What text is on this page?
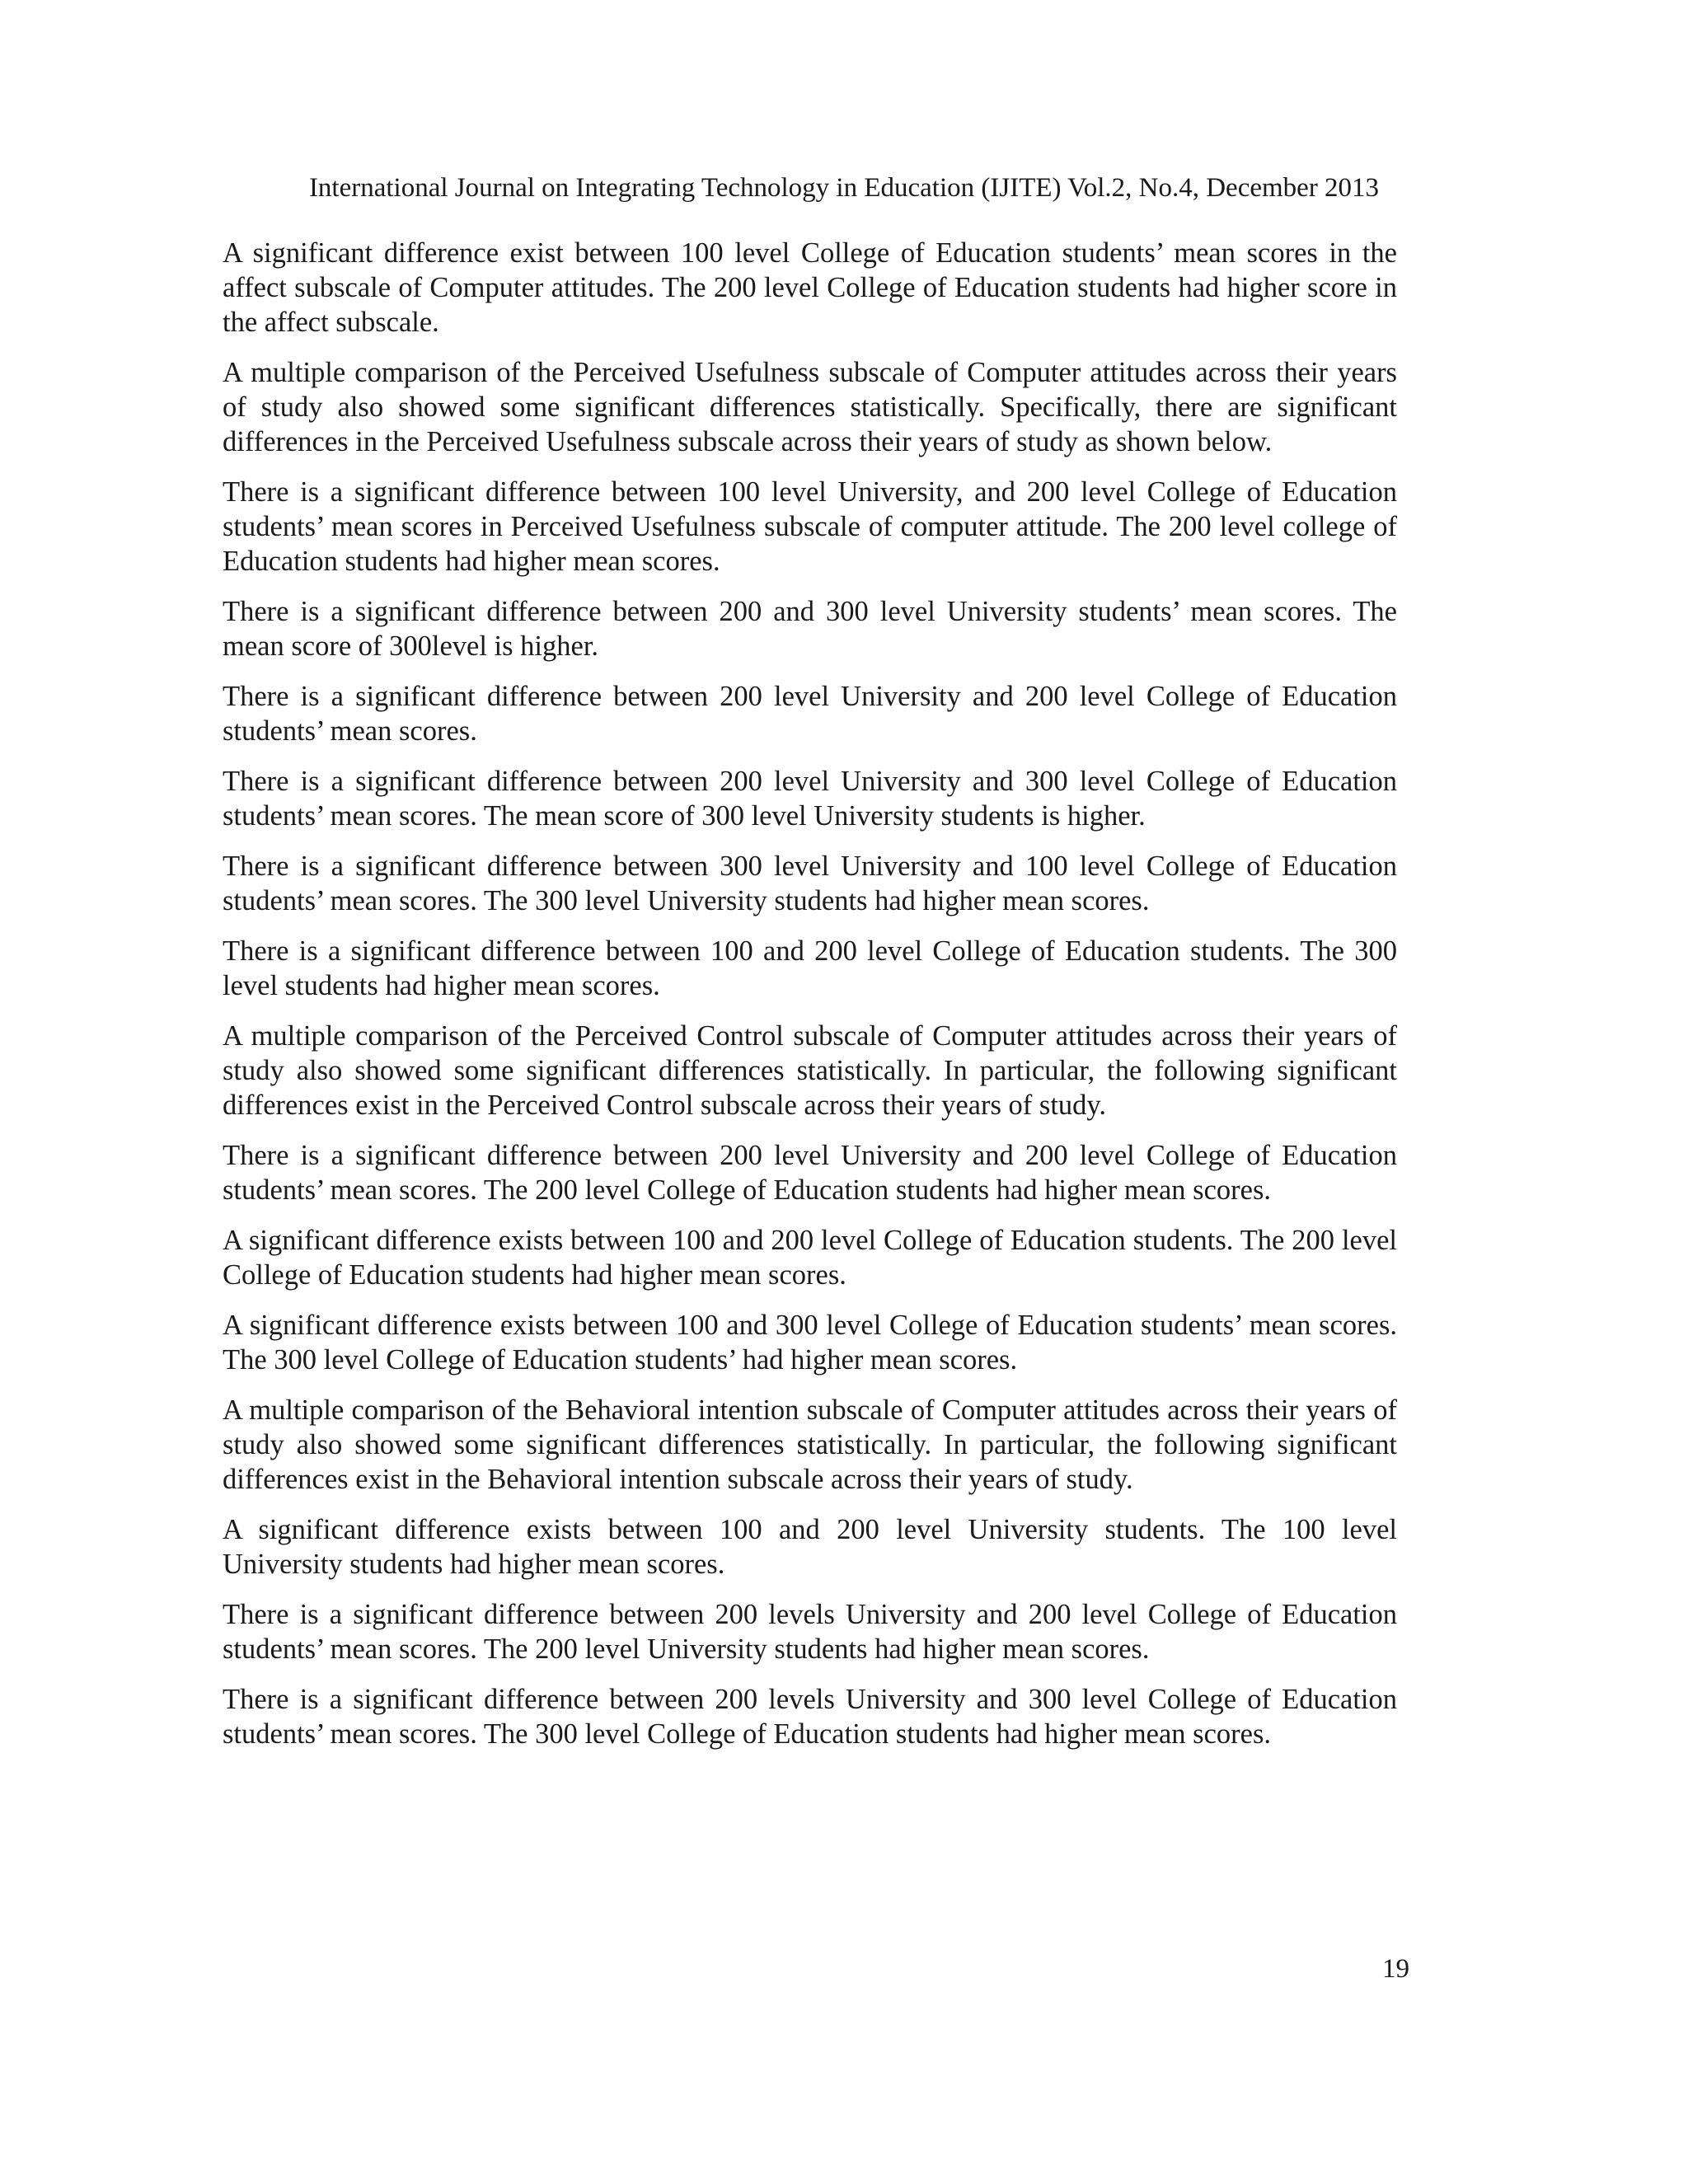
International Journal on Integrating Technology in Education (IJITE) Vol.2, No.4, December 2013

A significant difference exist between 100 level College of Education students’ mean scores in the affect subscale of Computer attitudes. The 200 level College of Education students had higher score in the affect subscale.

A multiple comparison of the Perceived Usefulness subscale of Computer attitudes across their years of study also showed some significant differences statistically. Specifically, there are significant differences in the Perceived Usefulness subscale across their years of study as shown below.

There is a significant difference between 100 level University, and 200 level College of Education students’ mean scores in Perceived Usefulness subscale of computer attitude. The 200 level college of Education students had higher mean scores.

There is a significant difference between 200 and 300 level University students’ mean scores. The mean score of 300level is higher.

There is a significant difference between 200 level University and 200 level College of Education students’ mean scores.

There is a significant difference between 200 level University and 300 level College of Education students’ mean scores. The mean score of 300 level University students is higher.

There is a significant difference between 300 level University and 100 level College of Education students’ mean scores. The 300 level University students had higher mean scores.

There is a significant difference between 100 and 200 level College of Education students. The 300 level students had higher mean scores.

A multiple comparison of the Perceived Control subscale of Computer attitudes across their years of study also showed some significant differences statistically. In particular, the following significant differences exist in the Perceived Control subscale across their years of study.

There is a significant difference between 200 level University and 200 level College of Education students’ mean scores. The 200 level College of Education students had higher mean scores.

A significant difference exists between 100 and 200 level College of Education students. The 200 level College of Education students had higher mean scores.

A significant difference exists between 100 and 300 level College of Education students’ mean scores. The 300 level College of Education students’ had higher mean scores.

A multiple comparison of the Behavioral intention subscale of Computer attitudes across their years of study also showed some significant differences statistically. In particular, the following significant differences exist in the Behavioral intention subscale across their years of study.

A significant difference exists between 100 and 200 level University students. The 100 level University students had higher mean scores.

There is a significant difference between 200 levels University and 200 level College of Education students’ mean scores. The 200 level University students had higher mean scores.

There is a significant difference between 200 levels University and 300 level College of Education students’ mean scores. The 300 level College of Education students had higher mean scores.

19
